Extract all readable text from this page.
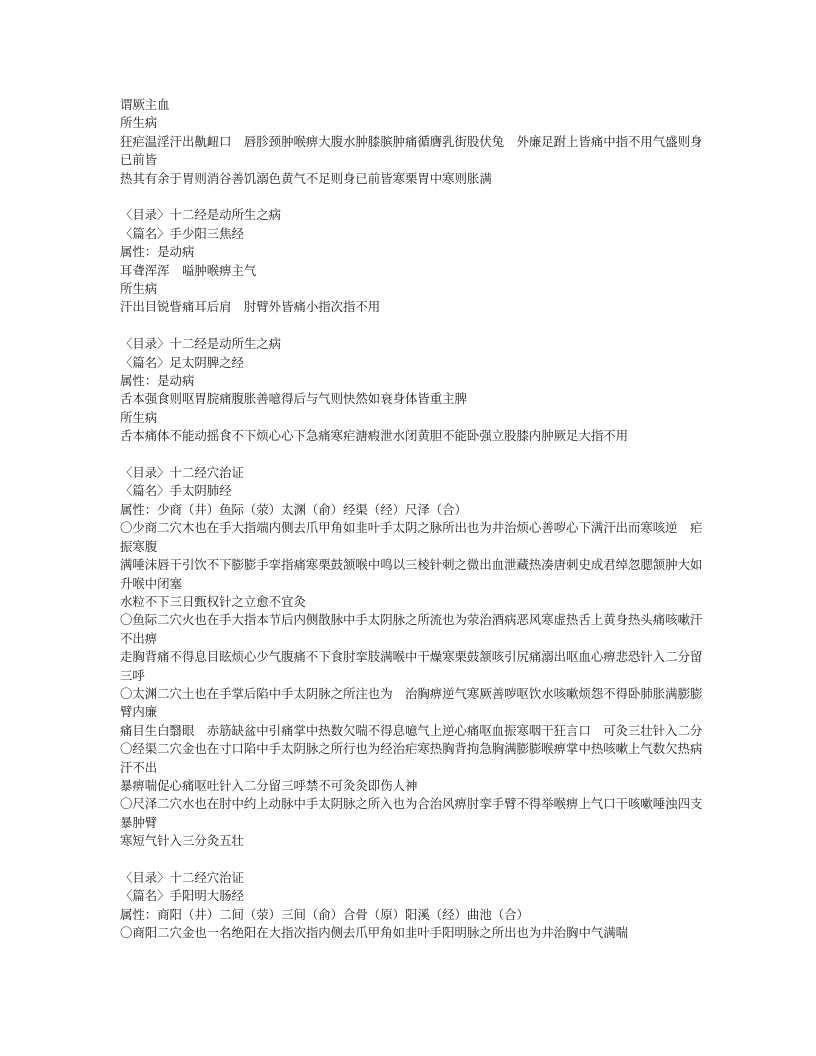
谓厥主血
所生病
狂疟温淫汗出鼽衄口　唇胗颈肿喉痹大腹水肿膝膑肿痛循膺乳街股伏兔　外廉足跗上皆痛中指不用气盛则身已前皆
热其有余于胃则消谷善饥溺色黄气不足则身已前皆寒栗胃中寒则胀满
〈目录〉十二经是动所生之病
〈篇名〉手少阳三焦经
属性：是动病
耳聋浑浑　嗌肿喉痹主气
所生病
汗出目锐眥痛耳后肩　肘臂外皆痛小指次指不用
〈目录〉十二经是动所生之病
〈篇名〉足太阴脾之经
属性：是动病
舌本强食则呕胃脘痛腹胀善噫得后与气则快然如衰身体皆重主脾
所生病
舌本痛体不能动摇食不下烦心心下急痛寒疟溏瘕泄水闭黄胆不能卧强立股膝内肿厥足大指不用
〈目录〉十二经穴治证
〈篇名〉手太阴肺经
属性：少商（井）鱼际（荥）太渊（俞）经渠（经）尺泽（合）
〇少商二穴木也在手大指端内侧去爪甲角如韭叶手太阴之脉所出也为井治烦心善哕心下满汗出而寒咳逆　疟振寒腹
满唾沫唇干引饮不下膨膨手挛指痛寒栗鼓颔喉中鸣以三棱针刺之微出血泄藏热凑唐刺史成君绰忽腮颔肿大如升喉中闭塞
水粒不下三日甄权针之立愈不宜灸
〇鱼际二穴火也在手大指本节后内侧散脉中手太阴脉之所流也为荥治酒病恶风寒虚热舌上黄身热头痛咳嗽汗不出痹
走胸背痛不得息目眩烦心少气腹痛不下食肘挛肢满喉中干燥寒栗鼓颔咳引尻痛溺出呕血心痹悲恐针入二分留三呼
〇太渊二穴土也在手掌后陷中手太阴脉之所注也为　治胸痹逆气寒厥善哕呕饮水咳嗽烦怨不得卧肺胀满膨膨臂内廉
痛目生白翳眼　赤筋缺盆中引痛掌中热数欠喘不得息噫气上逆心痛呕血振寒咽干狂言口　可灸三壮针入二分
〇经渠二穴金也在寸口陷中手太阴脉之所行也为经治疟寒热胸背拘急胸满膨膨喉痹掌中热咳嗽上气数欠热病汗不出
暴痹喘促心痛呕吐针入二分留三呼禁不可灸灸即伤人神
〇尺泽二穴水也在肘中约上动脉中手太阴脉之所入也为合治风痹肘挛手臂不得举喉痹上气口干咳嗽唾浊四支暴肿臂
寒短气针入三分灸五壮
〈目录〉十二经穴治证
〈篇名〉手阳明大肠经
属性：商阳（井）二间（荥）三间（俞）合骨（原）阳溪（经）曲池（合）
〇商阳二穴金也一名绝阳在大指次指内侧去爪甲角如韭叶手阳明脉之所出也为井治胸中气满喘
